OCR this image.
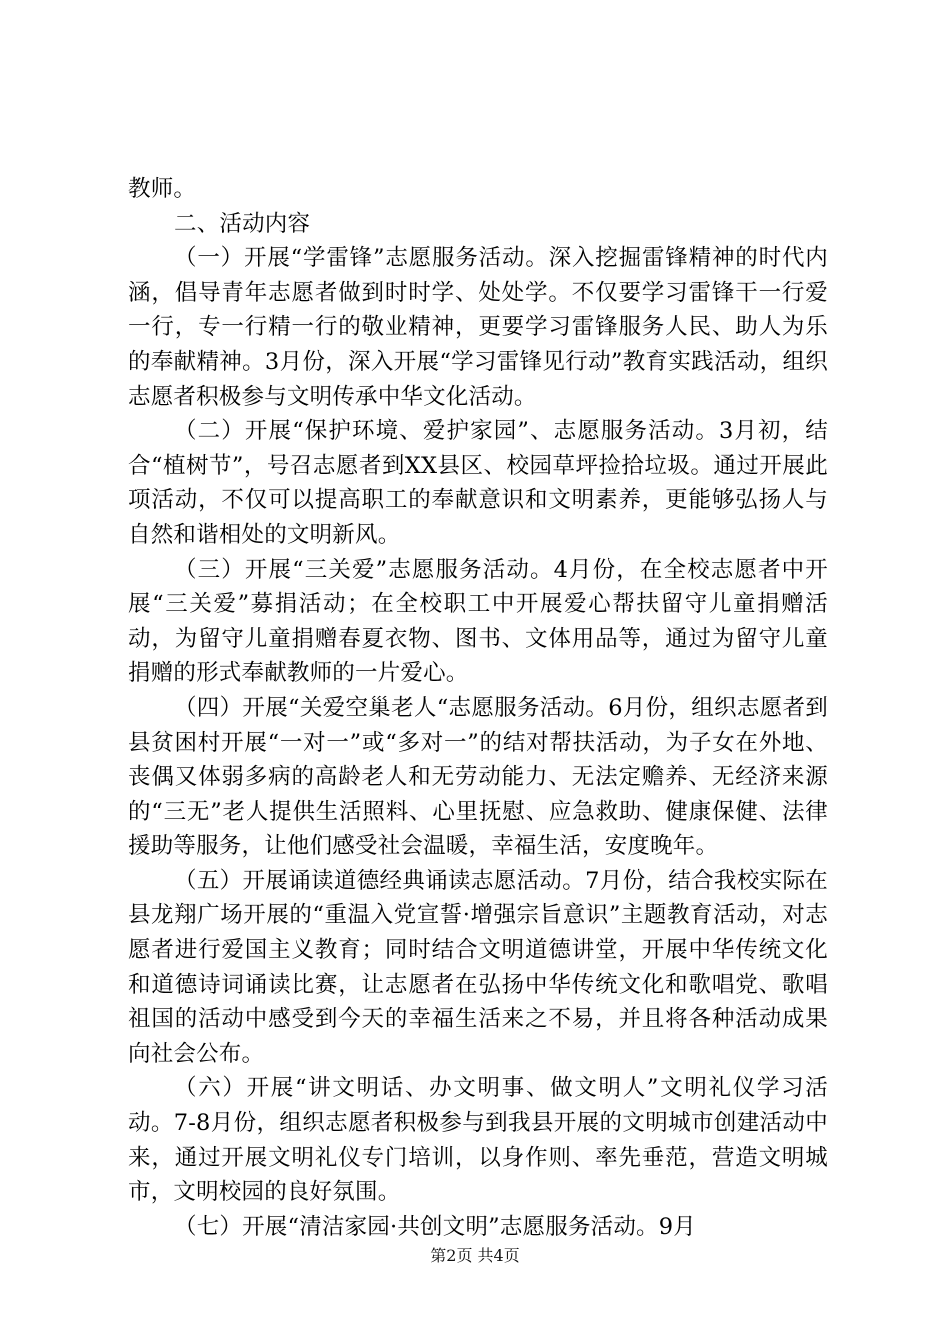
教师。

二、活动内容

（一）开展“学雷锋”志愿服务活动。深入挖掘雷锋精神的时代内涵，倡导青年志愿者做到时时学、处处学。不仅要学习雷锋干一行爱一行，专一行精一行的敬业精神，更要学习雷锋服务人民、助人为乐的奉献精神。3月份，深入开展“学习雷锋见行动”教育实践活动，组织志愿者积极参与文明传承中华文化活动。

（二）开展“保护环境、爱护家园”、志愿服务活动。3月初，结合“植树节”，号召志愿者到XX县区、校园草坪捡拾垃圾。通过开展此项活动，不仅可以提高职工的奉献意识和文明素养，更能够弘扬人与自然和谐相处的文明新风。

（三）开展“三关爱”志愿服务活动。4月份，在全校志愿者中开展“三关爱”募捐活动；在全校职工中开展爱心帮扶留守儿童捐赠活动，为留守儿童捐赠春夏衣物、图书、文体用品等，通过为留守儿童捐赠的形式奉献教师的一片爱心。

（四）开展“关爱空巢老人“志愿服务活动。6月份，组织志愿者到县贫困村开展“一对一”或“多对一”的结对帮扶活动，为子女在外地、丧偶又体弱多病的高龄老人和无劳动能力、无法定赡养、无经济来源的“三无”老人提供生活照料、心里抚慰、应急救助、健康保健、法律援助等服务，让他们感受社会温暖，幸福生活，安度晚年。

（五）开展诵读道德经典诵读志愿活动。7月份，结合我校实际在县龙翔广场开展的“重温入党宣誓·增强宗旨意识”主题教育活动，对志愿者进行爱国主义教育；同时结合文明道德讲堂，开展中华传统文化和道德诗词诵读比赛，让志愿者在弘扬中华传统文化和歌唱党、歌唱祖国的活动中感受到今天的幸福生活来之不易，并且将各种活动成果向社会公布。

（六）开展“讲文明话、办文明事、做文明人”文明礼仪学习活动。7-8月份，组织志愿者积极参与到我县开展的文明城市创建活动中来，通过开展文明礼仪专门培训，以身作则、率先垂范，营造文明城市，文明校园的良好氛围。

（七）开展“清洁家园·共创文明”志愿服务活动。9月

第2页 共4页
